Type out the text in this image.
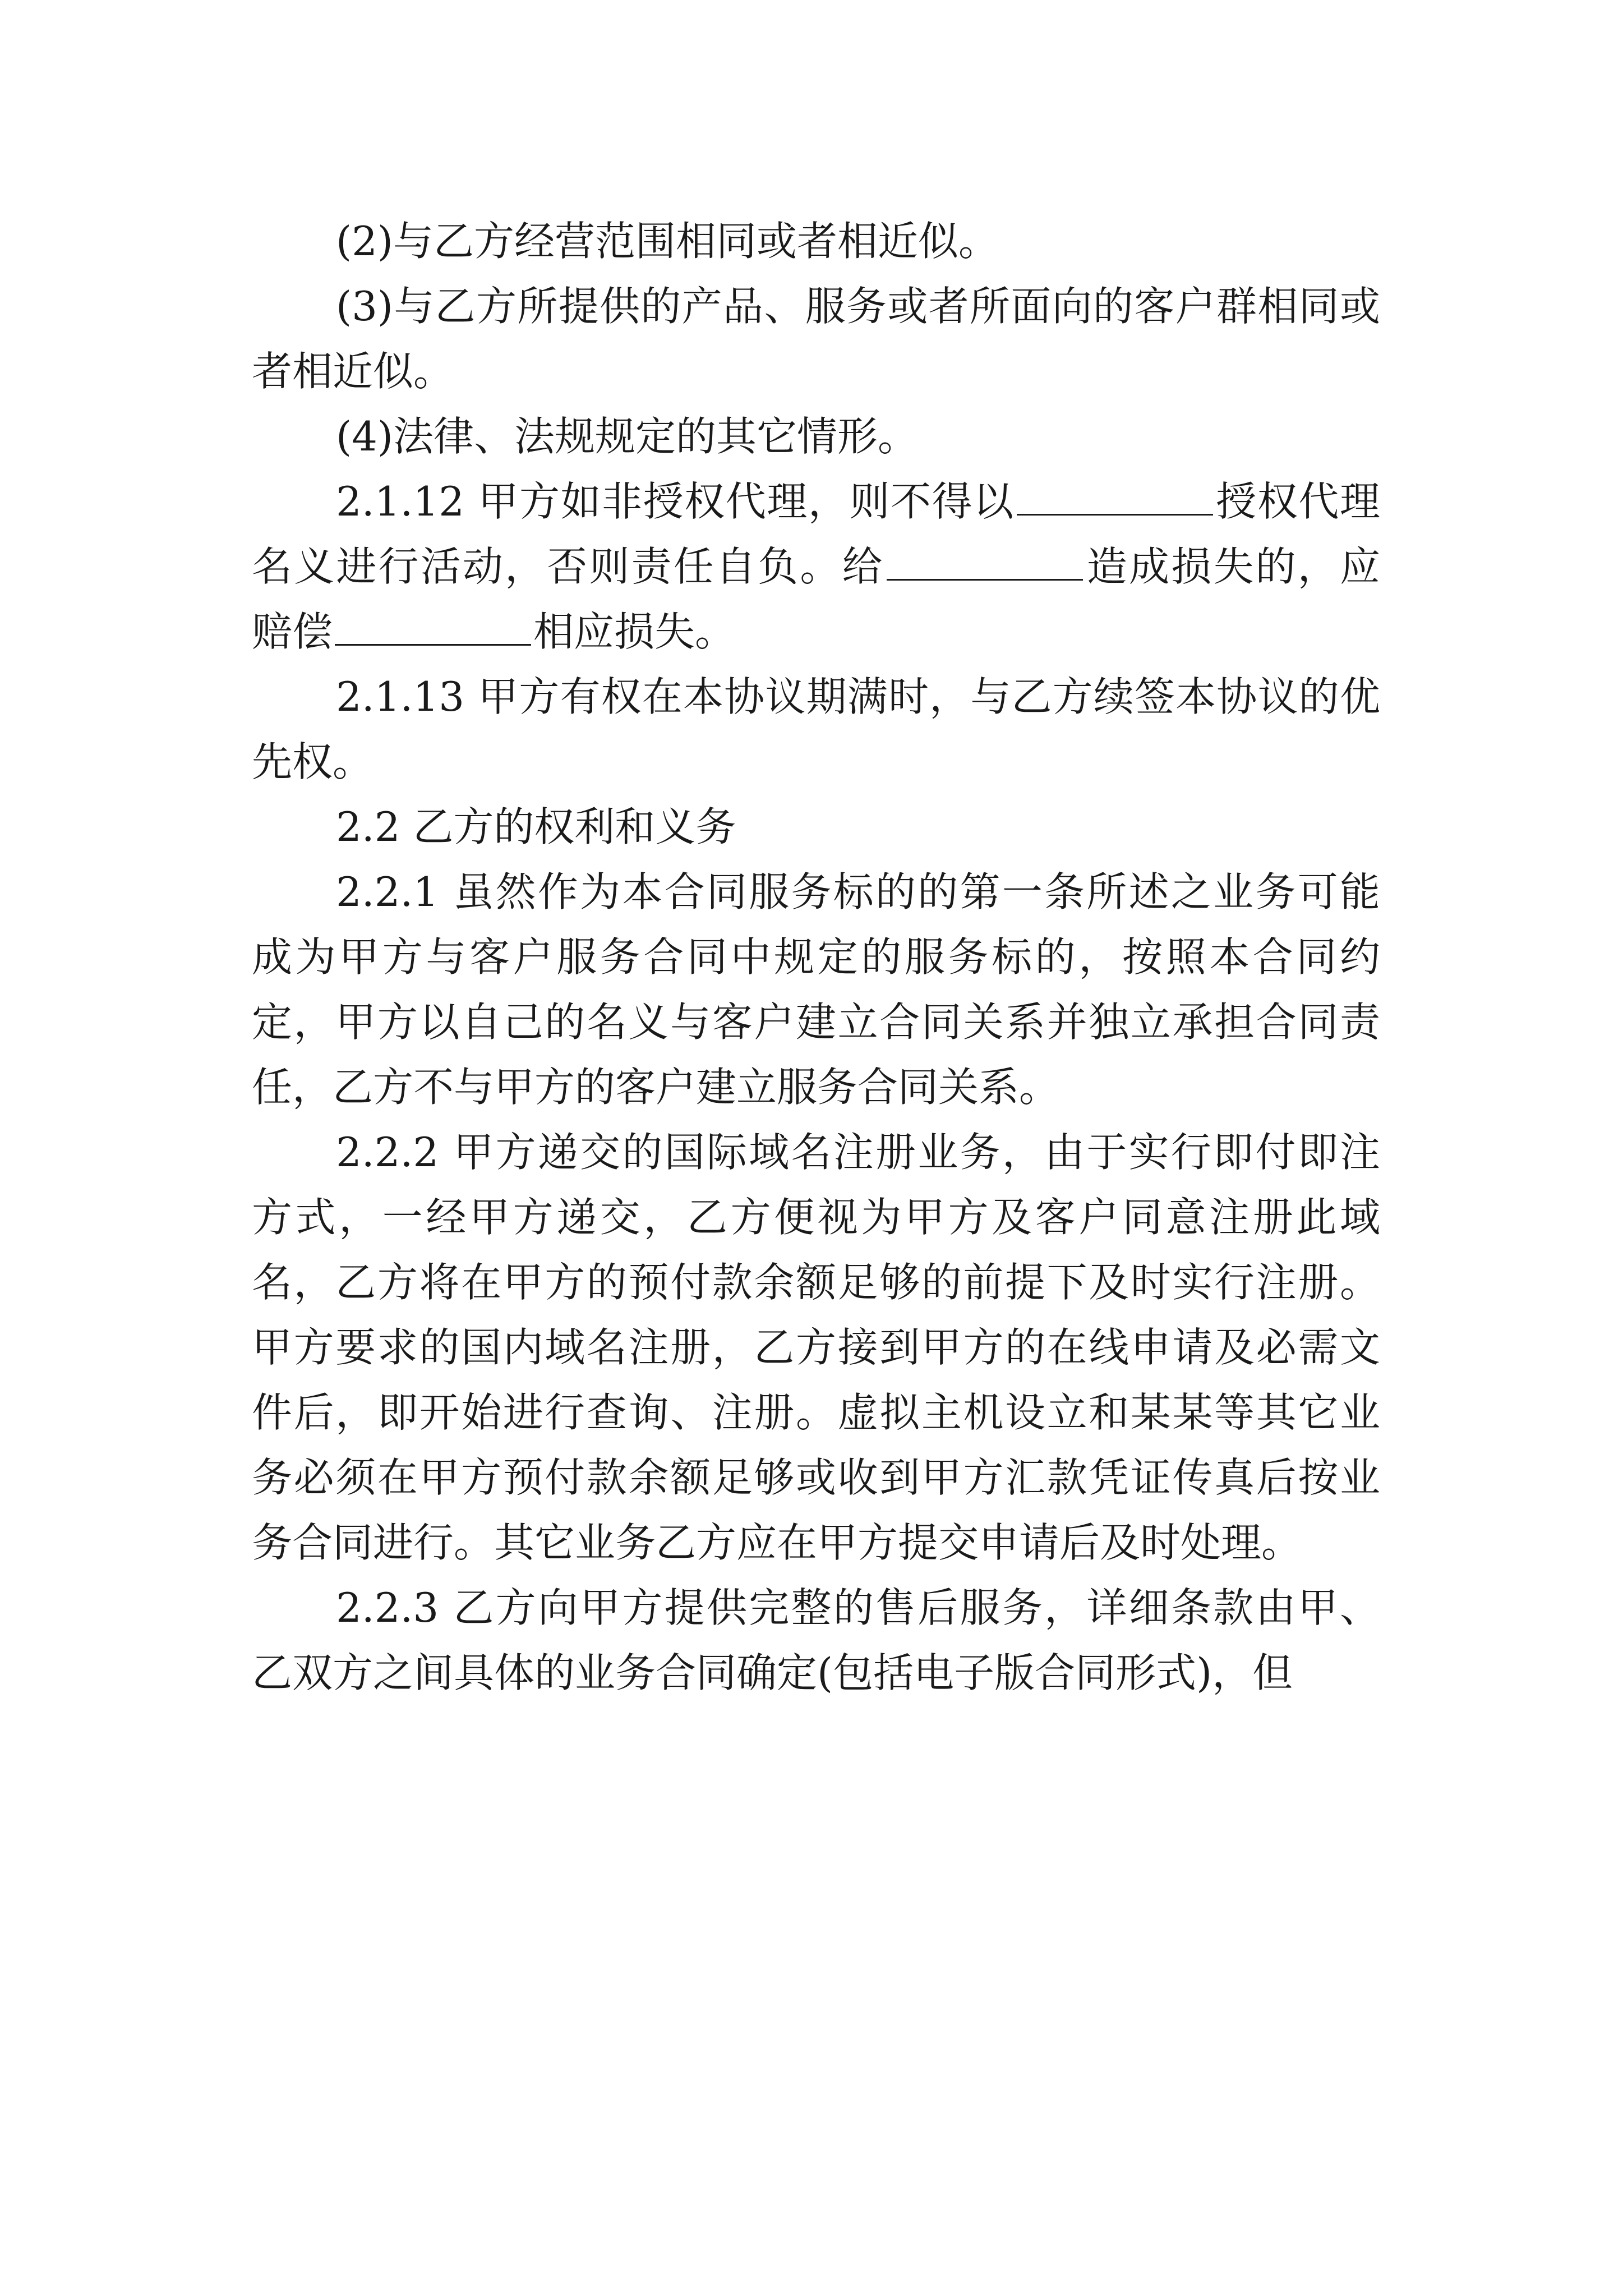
(2)与乙方经营范围相同或者相近似。

(3)与乙方所提供的产品、服务或者所面向的客户群相同或者相近似。

(4)法律、法规规定的其它情形。

2.1.12 甲方如非授权代理，则不得以	授权代理名义进行活动，否则责任自负。给	造成损失的，应赔偿	相应损失。

2.1.13 甲方有权在本协议期满时，与乙方续签本协议的优先权。

2.2 乙方的权利和义务

2.2.1 虽然作为本合同服务标的的第一条所述之业务可能成为甲方与客户服务合同中规定的服务标的，按照本合同约定，甲方以自己的名义与客户建立合同关系并独立承担合同责任，乙方不与甲方的客户建立服务合同关系。

2.2.2 甲方递交的国际域名注册业务，由于实行即付即注方式，一经甲方递交，乙方便视为甲方及客户同意注册此域名，乙方将在甲方的预付款余额足够的前提下及时实行注册。甲方要求的国内域名注册，乙方接到甲方的在线申请及必需文件后，即开始进行查询、注册。虚拟主机设立和某某等其它业务必须在甲方预付款余额足够或收到甲方汇款凭证传真后按业务合同进行。其它业务乙方应在甲方提交申请后及时处理。

2.2.3 乙方向甲方提供完整的售后服务，详细条款由甲、乙双方之间具体的业务合同确定(包括电子版合同形式)，但
